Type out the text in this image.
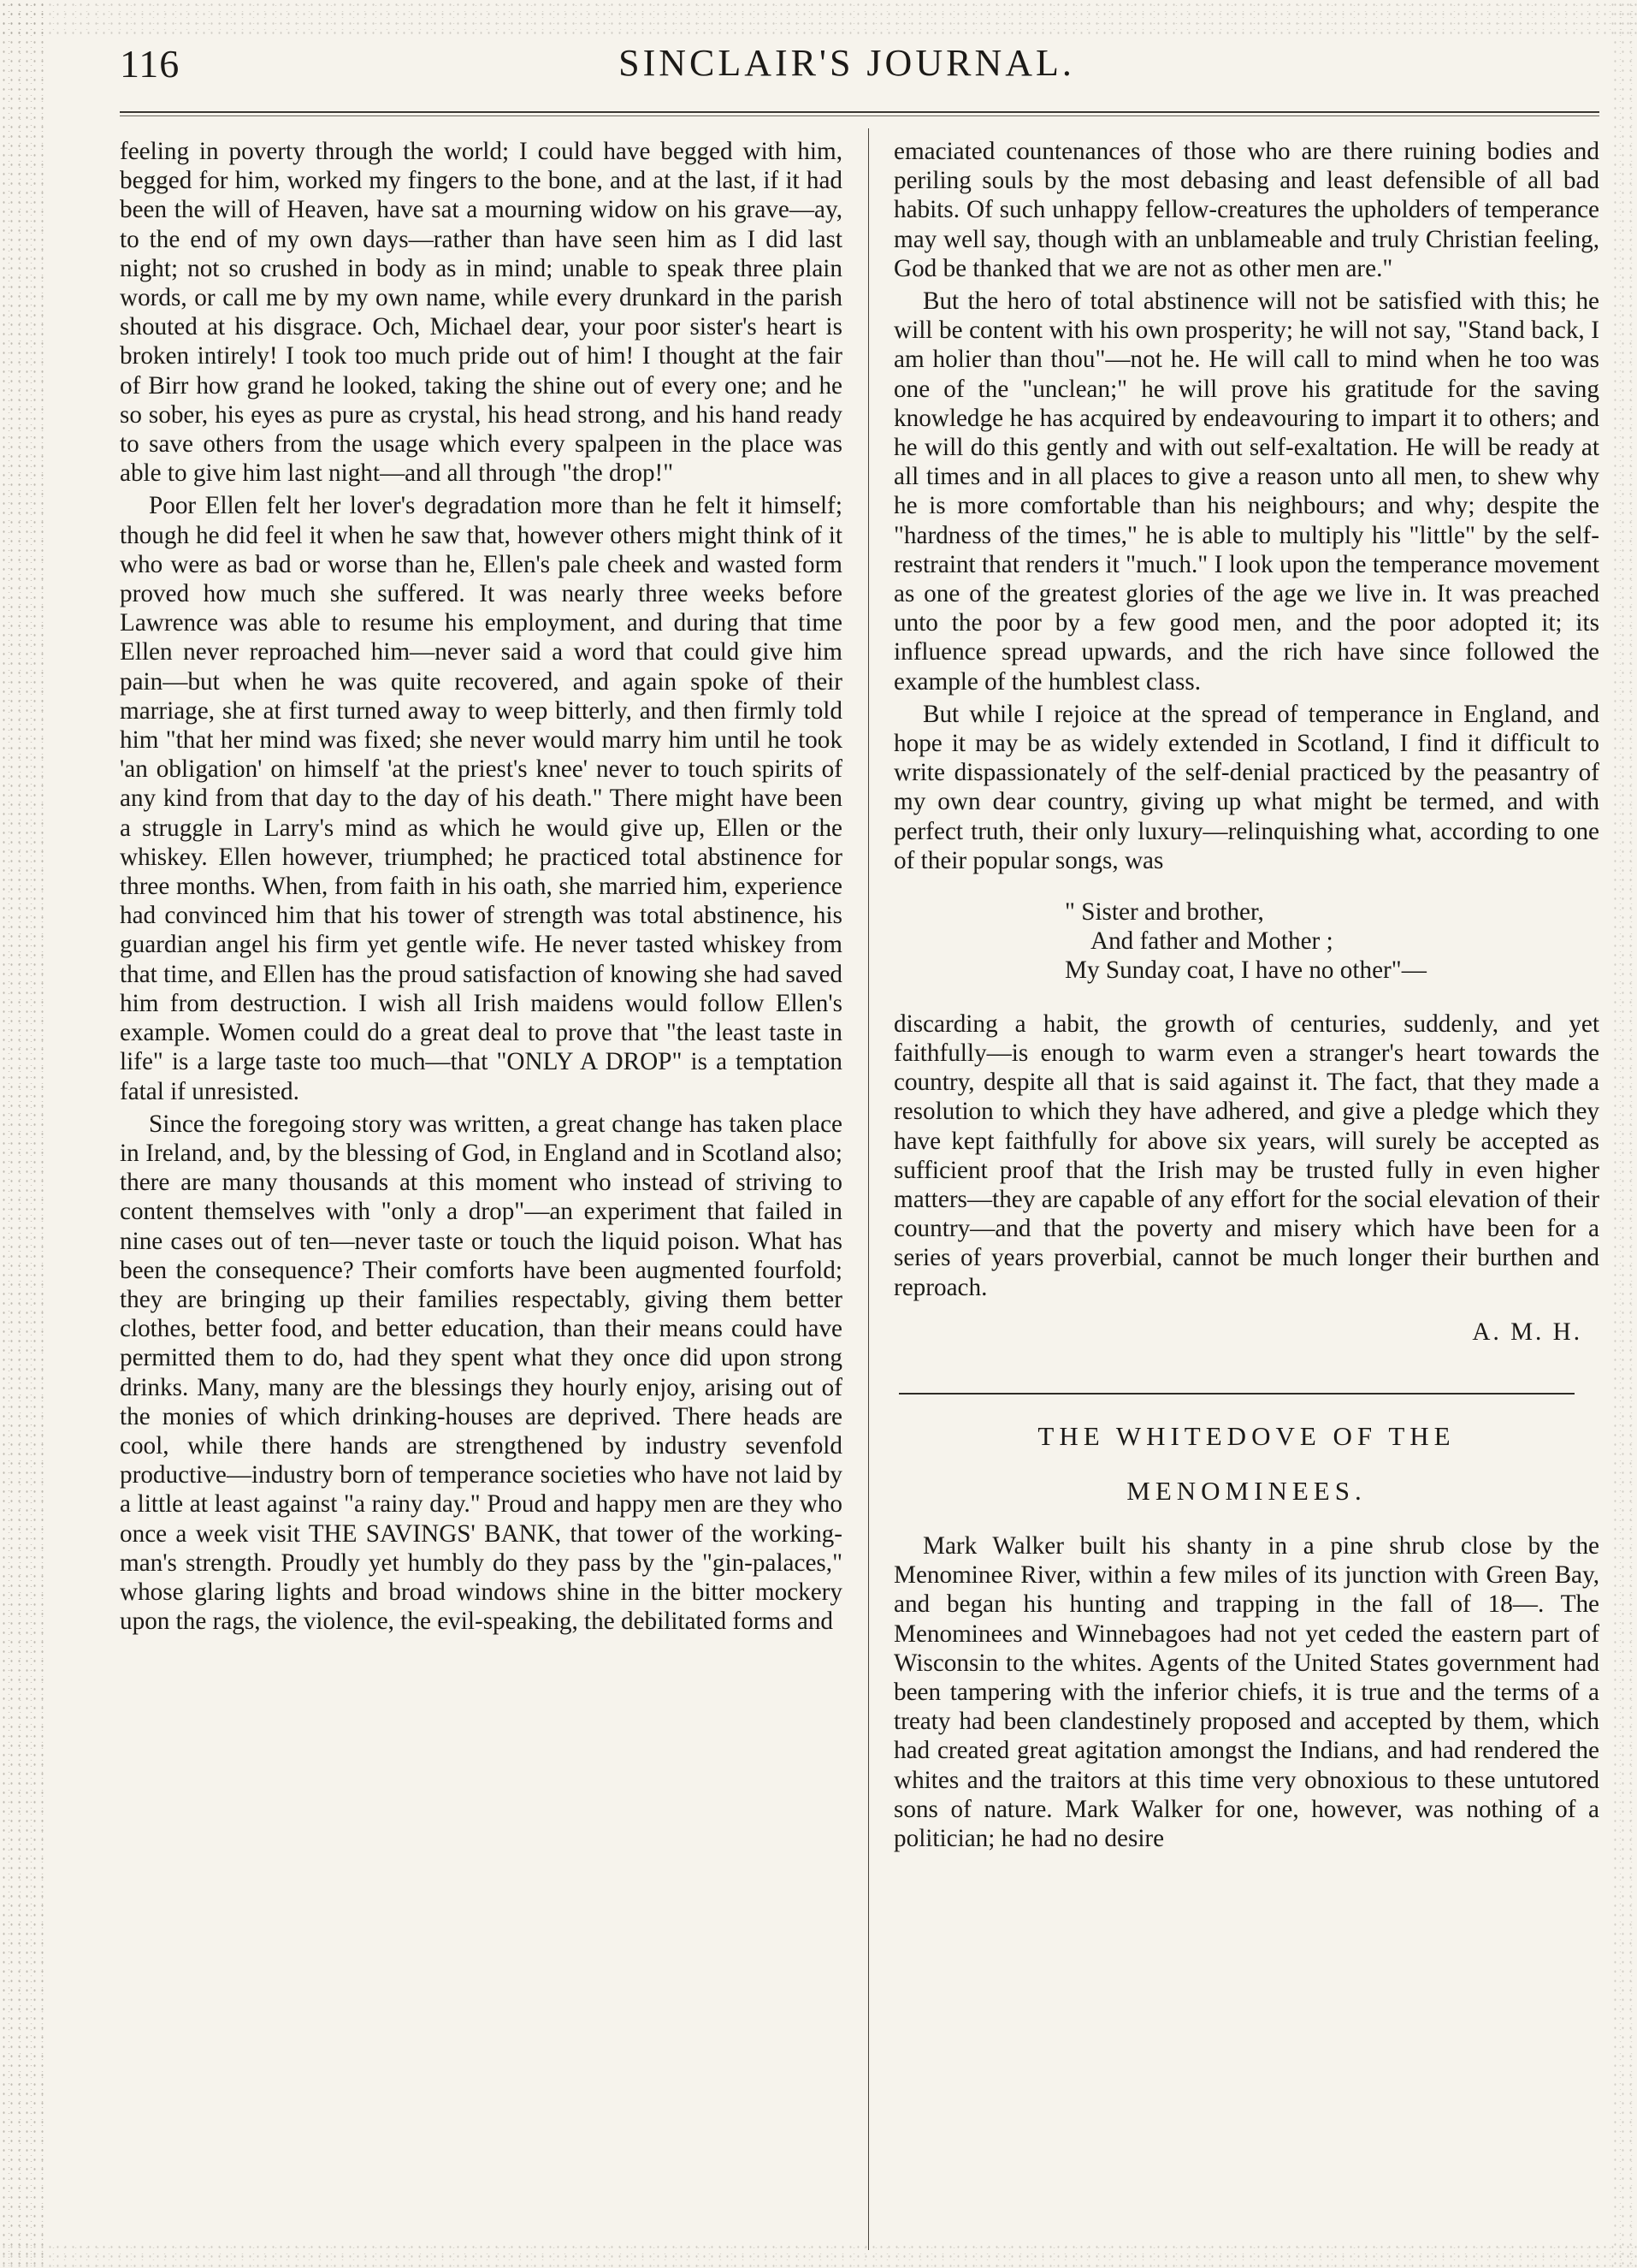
116	SINCLAIR'S JOURNAL.

feeling in poverty through the world; I could have begged with him, begged for him, worked my fingers to the bone, and at the last, if it had been the will of Heaven, have sat a mourning widow on his grave—ay, to the end of my own days—rather than have seen him as I did last night; not so crushed in body as in mind; unable to speak three plain words, or call me by my own name, while every drunkard in the parish shouted at his disgrace. Och, Michael dear, your poor sister's heart is broken intirely! I took too much pride out of him! I thought at the fair of Birr how grand he looked, taking the shine out of every one; and he so sober, his eyes as pure as crystal, his head strong, and his hand ready to save others from the usage which every spalpeen in the place was able to give him last night—and all through "the drop!"

Poor Ellen felt her lover's degradation more than he felt it himself; though he did feel it when he saw that, however others might think of it who were as bad or worse than he, Ellen's pale cheek and wasted form proved how much she suffered. It was nearly three weeks before Lawrence was able to resume his employment, and during that time Ellen never reproached him—never said a word that could give him pain—but when he was quite recovered, and again spoke of their marriage, she at first turned away to weep bitterly, and then firmly told him "that her mind was fixed; she never would marry him until he took 'an obligation' on himself 'at the priest's knee' never to touch spirits of any kind from that day to the day of his death." There might have been a struggle in Larry's mind as which he would give up, Ellen or the whiskey. Ellen however, triumphed; he practiced total abstinence for three months. When, from faith in his oath, she married him, experience had convinced him that his tower of strength was total abstinence, his guardian angel his firm yet gentle wife. He never tasted whiskey from that time, and Ellen has the proud satisfaction of knowing she had saved him from destruction. I wish all Irish maidens would follow Ellen's example. Women could do a great deal to prove that "the least taste in life" is a large taste too much—that "ONLY A DROP" is a temptation fatal if unresisted.

Since the foregoing story was written, a great change has taken place in Ireland, and, by the blessing of God, in England and in Scotland also; there are many thousands at this moment who instead of striving to content themselves with "only a drop"—an experiment that failed in nine cases out of ten—never taste or touch the liquid poison. What has been the consequence? Their comforts have been augmented fourfold; they are bringing up their families respectably, giving them better clothes, better food, and better education, than their means could have permitted them to do, had they spent what they once did upon strong drinks. Many, many are the blessings they hourly enjoy, arising out of the monies of which drinking-houses are deprived. There heads are cool, while there hands are strengthened by industry sevenfold productive—industry born of temperance societies who have not laid by a little at least against "a rainy day." Proud and happy men are they who once a week visit THE SAVINGS' BANK, that tower of the working-man's strength. Proudly yet humbly do they pass by the "gin-palaces," whose glaring lights and broad windows shine in the bitter mockery upon the rags, the violence, the evil-speaking, the debilitated forms and

emaciated countenances of those who are there ruining bodies and periling souls by the most debasing and least defensible of all bad habits. Of such unhappy fellow-creatures the upholders of temperance may well say, though with an unblameable and truly Christian feeling, God be thanked that we are not as other men are."

But the hero of total abstinence will not be satisfied with this; he will be content with his own prosperity; he will not say, "Stand back, I am holier than thou"—not he. He will call to mind when he too was one of the "unclean;" he will prove his gratitude for the saving knowledge he has acquired by endeavouring to impart it to others; and he will do this gently and with out self-exaltation. He will be ready at all times and in all places to give a reason unto all men, to shew why he is more comfortable than his neighbours; and why; despite the "hardness of the times," he is able to multiply his "little" by the self-restraint that renders it "much." I look upon the temperance movement as one of the greatest glories of the age we live in. It was preached unto the poor by a few good men, and the poor adopted it; its influence spread upwards, and the rich have since followed the example of the humblest class.

But while I rejoice at the spread of temperance in England, and hope it may be as widely extended in Scotland, I find it difficult to write dispassionately of the self-denial practiced by the peasantry of my own dear country, giving up what might be termed, and with perfect truth, their only luxury—relinquishing what, according to one of their popular songs, was

" Sister and brother,
And father and Mother ;
My Sunday coat, I have no other"—

discarding a habit, the growth of centuries, suddenly, and yet faithfully—is enough to warm even a stranger's heart towards the country, despite all that is said against it. The fact, that they made a resolution to which they have adhered, and give a pledge which they have kept faithfully for above six years, will surely be accepted as sufficient proof that the Irish may be trusted fully in even higher matters—they are capable of any effort for the social elevation of their country—and that the poverty and misery which have been for a series of years proverbial, cannot be much longer their burthen and reproach.

A. M. H.
THE WHITEDOVE OF THE
MENOMINEES.

Mark Walker built his shanty in a pine shrub close by the Menominee River, within a few miles of its junction with Green Bay, and began his hunting and trapping in the fall of 18—. The Menominees and Winnebagoes had not yet ceded the eastern part of Wisconsin to the whites. Agents of the United States government had been tampering with the inferior chiefs, it is true and the terms of a treaty had been clandestinely proposed and accepted by them, which had created great agitation amongst the Indians, and had rendered the whites and the traitors at this time very obnoxious to these untutored sons of nature. Mark Walker for one, however, was nothing of a politician; he had no desire
